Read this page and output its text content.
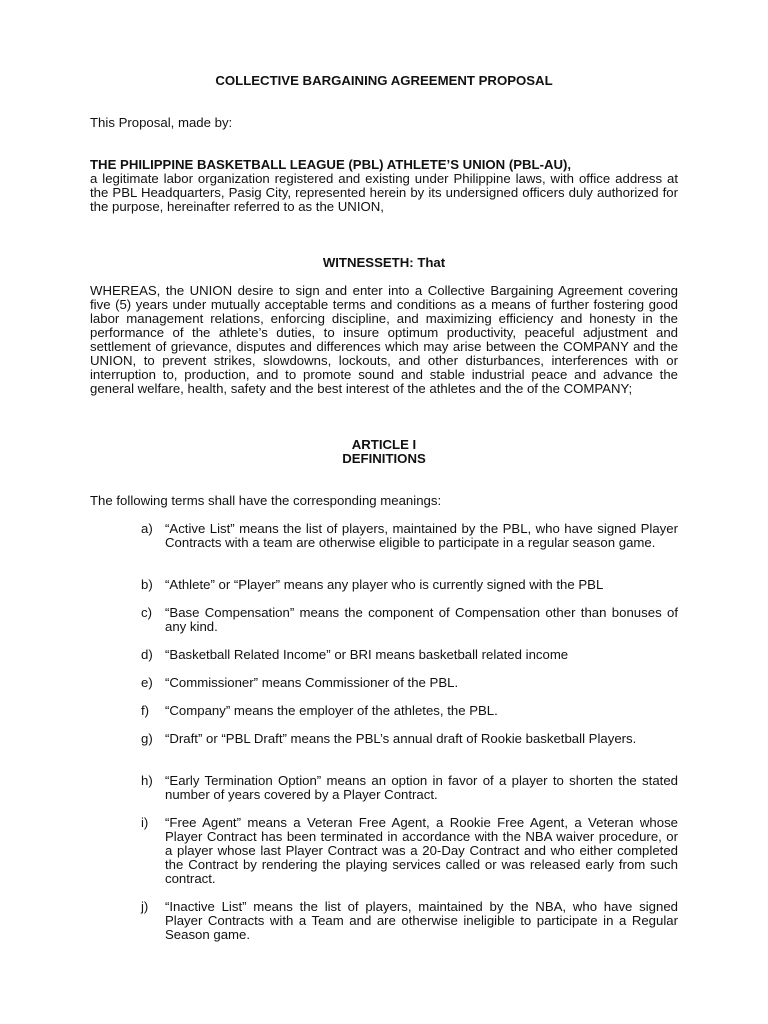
COLLECTIVE BARGAINING AGREEMENT PROPOSAL
This Proposal, made by:
THE PHILIPPINE BASKETBALL LEAGUE (PBL) ATHLETE’S UNION (PBL-AU),
a legitimate labor organization registered and existing under Philippine laws, with office address at the PBL Headquarters, Pasig City, represented herein by its undersigned officers duly authorized for the purpose, hereinafter referred to as the UNION,
WITNESSETH: That
WHEREAS, the UNION desire to sign and enter into a Collective Bargaining Agreement covering five (5) years under mutually acceptable terms and conditions as a means of further fostering good labor management relations, enforcing discipline, and maximizing efficiency and honesty in the performance of the athlete’s duties, to insure optimum productivity, peaceful adjustment and settlement of grievance, disputes and differences which may arise between the COMPANY and the UNION, to prevent strikes, slowdowns, lockouts, and other disturbances, interferences with or interruption to, production, and to promote sound and stable industrial peace and advance the general welfare, health, safety and the best interest of the athletes and the of the COMPANY;
ARTICLE I
DEFINITIONS
The following terms shall have the corresponding meanings:
a) “Active List” means the list of players, maintained by the PBL, who have signed Player Contracts with a team are otherwise eligible to participate in a regular season game.
b) “Athlete” or “Player” means any player who is currently signed with the PBL
c) “Base Compensation” means the component of Compensation other than bonuses of any kind.
d) “Basketball Related Income” or BRI means basketball related income
e) “Commissioner” means Commissioner of the PBL.
f) “Company” means the employer of the athletes, the PBL.
g) “Draft” or “PBL Draft” means the PBL’s annual draft of Rookie basketball Players.
h) “Early Termination Option” means an option in favor of a player to shorten the stated number of years covered by a Player Contract.
i) “Free Agent” means a Veteran Free Agent, a Rookie Free Agent, a Veteran whose Player Contract has been terminated in accordance with the NBA waiver procedure, or a player whose last Player Contract was a 20-Day Contract and who either completed the Contract by rendering the playing services called or was released early from such contract.
j) “Inactive List” means the list of players, maintained by the NBA, who have signed Player Contracts with a Team and are otherwise ineligible to participate in a Regular Season game.
